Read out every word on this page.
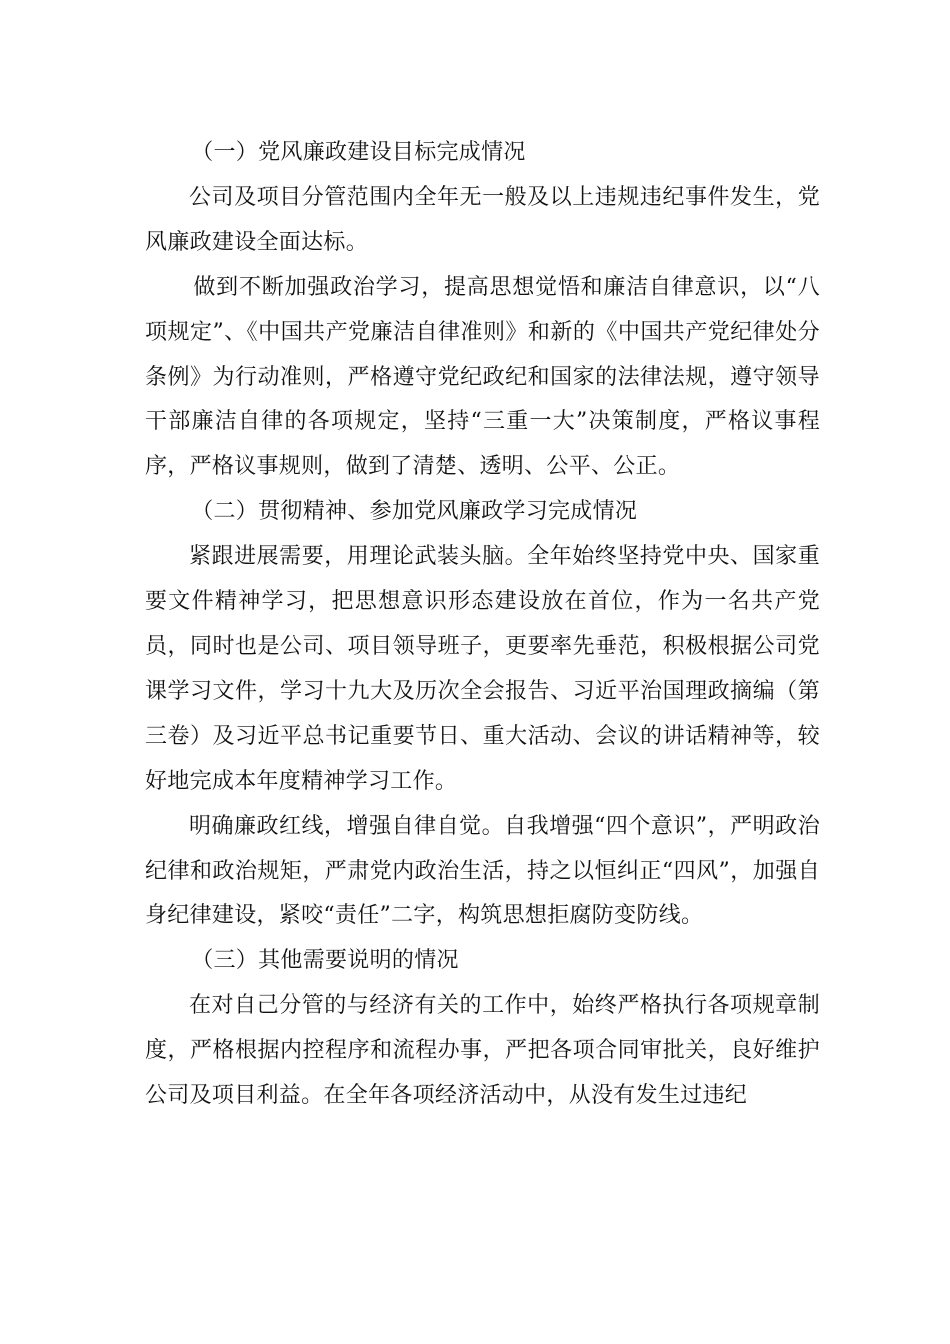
（一）党风廉政建设目标完成情况

公司及项目分管范围内全年无一般及以上违规违纪事件发生，党风廉政建设全面达标。

做到不断加强政治学习，提高思想觉悟和廉洁自律意识，以“八项规定”、《中国共产党廉洁自律准则》和新的《中国共产党纪律处分条例》为行动准则，严格遵守党纪政纪和国家的法律法规，遵守领导干部廉洁自律的各项规定，坚持“三重一大”决策制度，严格议事程序，严格议事规则，做到了清楚、透明、公平、公正。

（二）贯彻精神、参加党风廉政学习完成情况

紧跟进展需要，用理论武装头脑。全年始终坚持党中央、国家重要文件精神学习，把思想意识形态建设放在首位，作为一名共产党员，同时也是公司、项目领导班子，更要率先垂范，积极根据公司党课学习文件，学习十九大及历次全会报告、习近平治国理政摘编（第三卷）及习近平总书记重要节日、重大活动、会议的讲话精神等，较好地完成本年度精神学习工作。

明确廉政红线，增强自律自觉。自我增强“四个意识”，严明政治纪律和政治规矩，严肃党内政治生活，持之以恒纠正“四风”，加强自身纪律建设，紧咬“责任”二字，构筑思想拒腐防变防线。

（三）其他需要说明的情况

在对自己分管的与经济有关的工作中，始终严格执行各项规章制度，严格根据内控程序和流程办事，严把各项合同审批关，良好维护公司及项目利益。在全年各项经济活动中，从没有发生过违纪
